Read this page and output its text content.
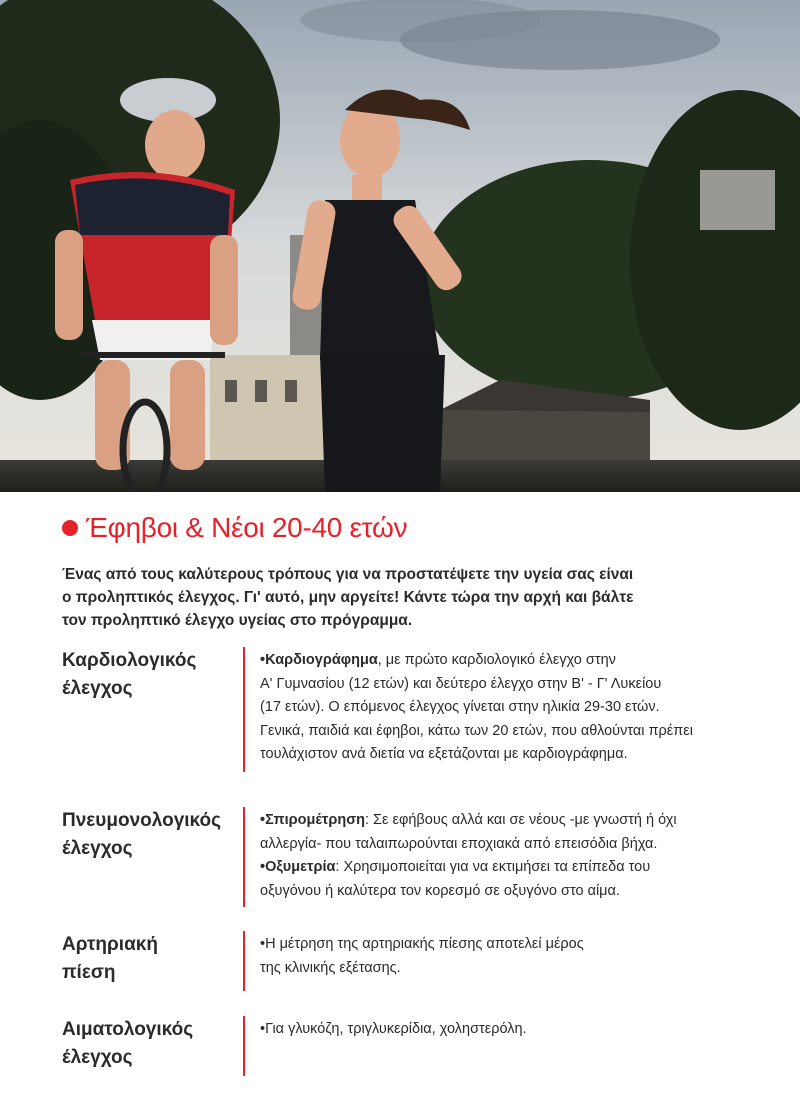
Έφηβοι & Νέοι 20-40 ετών
Ένας από τους καλύτερους τρόπους για να προστατέψετε την υγεία σας είναι
ο προληπτικός έλεγχος. Γι' αυτό, μην αργείτε! Κάντε τώρα την αρχή και βάλτε
τον προληπτικό έλεγχο υγείας στο πρόγραμμα.
Καρδιολογικός
έλεγχος
•Καρδιογράφημα, με πρώτο καρδιολογικό έλεγχο στην
Α' Γυμνασίου (12 ετών) και δεύτερο έλεγχο στην Β' - Γ' Λυκείου
(17 ετών). Ο επόμενος έλεγχος γίνεται στην ηλικία 29-30 ετών.
Γενικά, παιδιά και έφηβοι, κάτω των 20 ετών, που αθλούνται πρέπει
τουλάχιστον ανά διετία να εξετάζονται με καρδιογράφημα.
Πνευμονολογικός
έλεγχος
•Σπιρομέτρηση: Σε εφήβους αλλά και σε νέους -με γνωστή ή όχι
αλλεργία- που ταλαιπωρούνται εποχιακά από επεισόδια βήχα.
•Οξυμετρία: Χρησιμοποιείται για να εκτιμήσει τα επίπεδα του
οξυγόνου ή καλύτερα τον κορεσμό σε οξυγόνο στο αίμα.
Αρτηριακή
πίεση
•Η μέτρηση της αρτηριακής πίεσης αποτελεί μέρος
της κλινικής εξέτασης.
Αιματολογικός
έλεγχος
•Για γλυκόζη, τριγλυκερίδια, χοληστερόλη.
